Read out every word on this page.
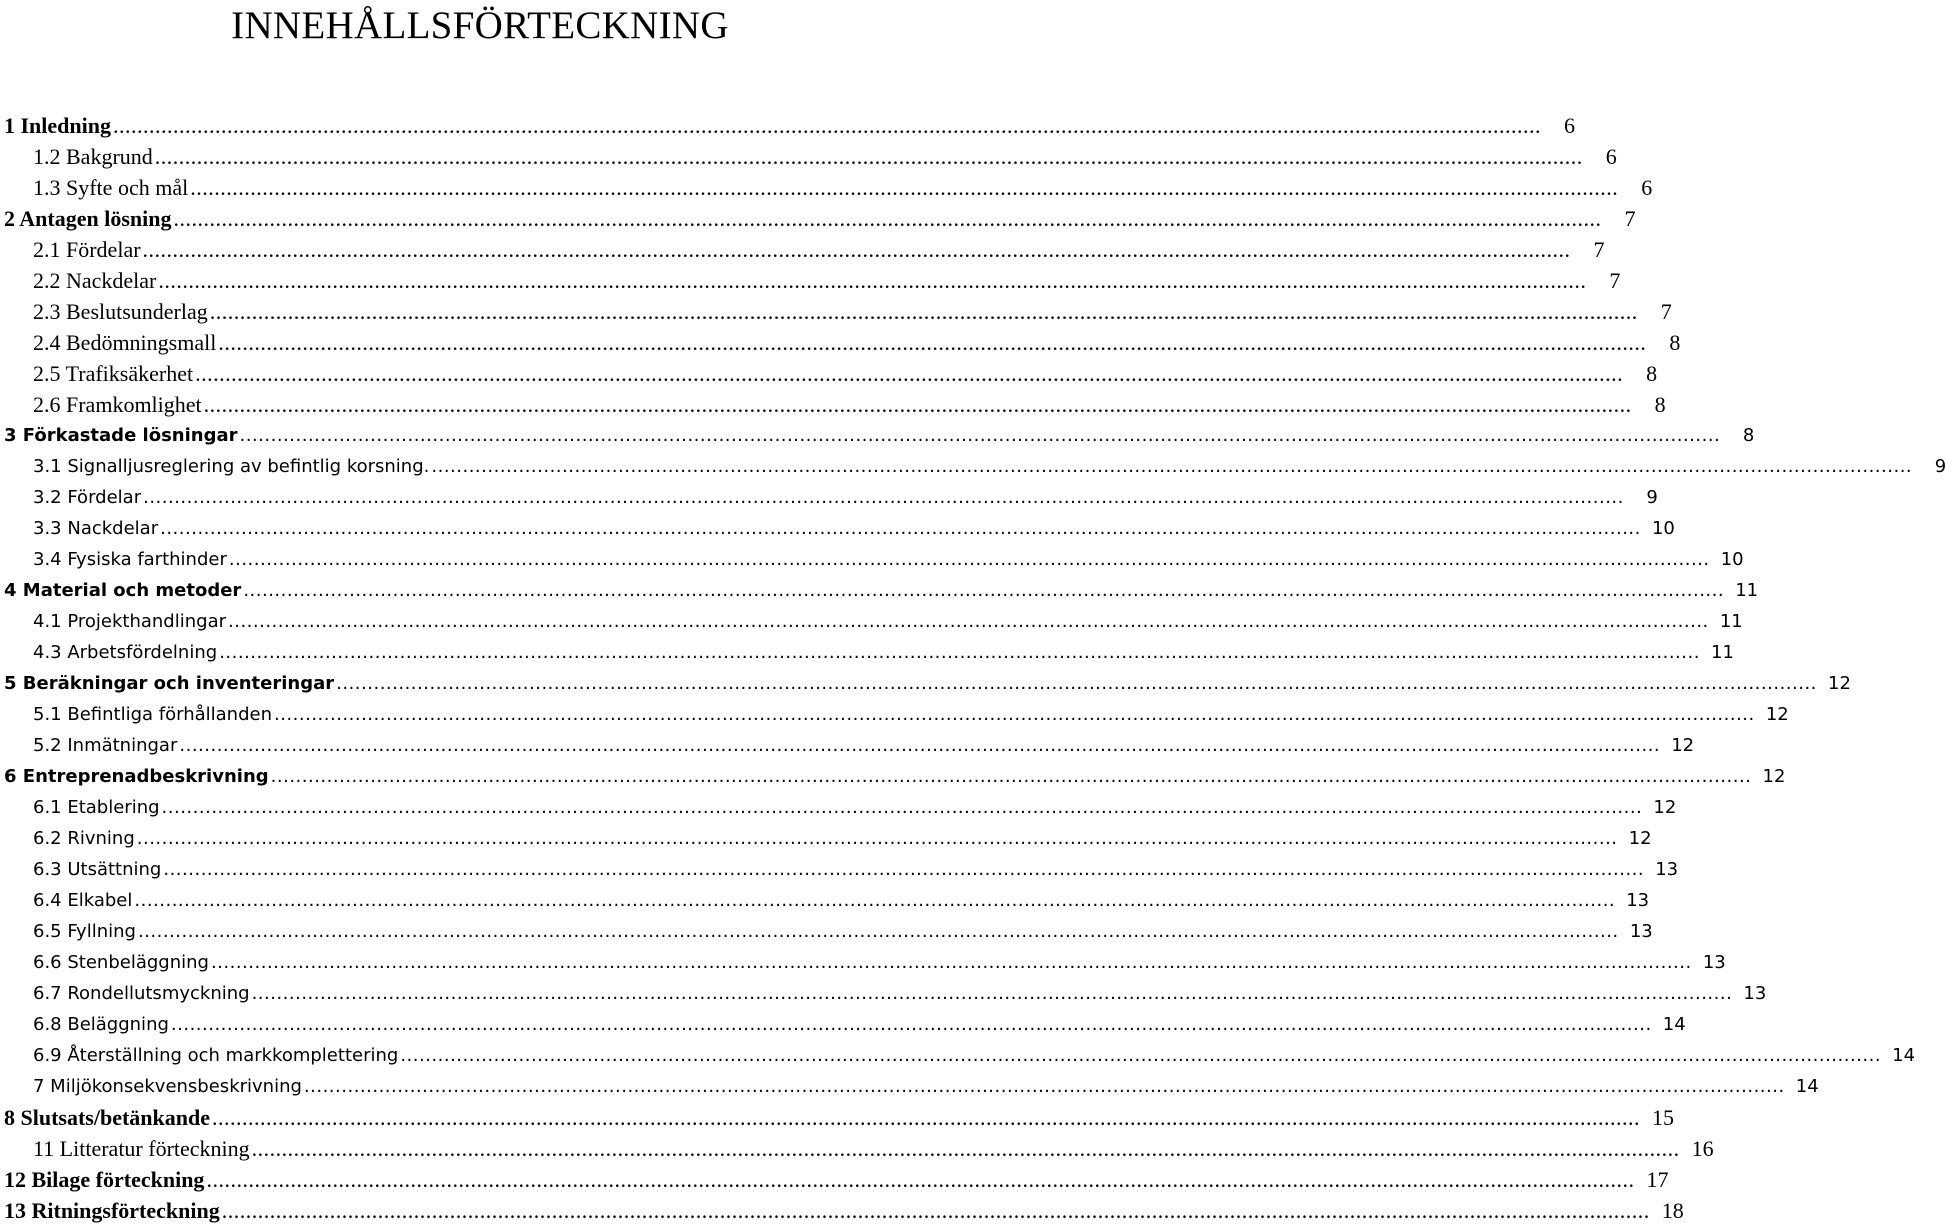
INNEHÅLLSFÖRTECKNING
1 Inledning .....	6
1.2 Bakgrund .....	6
1.3 Syfte och mål .....	6
2 Antagen lösning .....	7
2.1 Fördelar .....	7
2.2 Nackdelar .....	7
2.3 Beslutsunderlag .....	7
2.4 Bedömningsmall .....	8
2.5 Trafiksäkerhet .....	8
2.6 Framkomlighet .....	8
3 Förkastade lösningar .....	8
3.1 Signalljusreglering av befintlig korsning. .....	9
3.2 Fördelar .....	9
3.3 Nackdelar .....	10
3.4 Fysiska farthinder .....	10
4 Material och metoder .....	11
4.1 Projekthandlingar .....	11
4.3 Arbetsfördelning .....	11
5 Beräkningar och inventeringar .....	12
5.1 Befintliga förhållanden .....	12
5.2 Inmätningar .....	12
6 Entreprenadbeskrivning .....	12
6.1 Etablering .....	12
6.2 Rivning .....	12
6.3 Utsättning .....	13
6.4 Elkabel .....	13
6.5 Fyllning .....	13
6.6 Stenbeläggning .....	13
6.7 Rondellutsmyckning .....	13
6.8 Beläggning .....	14
6.9 Återställning och markkomplettering .....	14
7 Miljökonsekvensbeskrivning .....	14
8 Slutsats/betänkande .....	15
11 Litteratur förteckning .....	16
12 Bilage förteckning .....	17
13 Ritningsförteckning .....	18
